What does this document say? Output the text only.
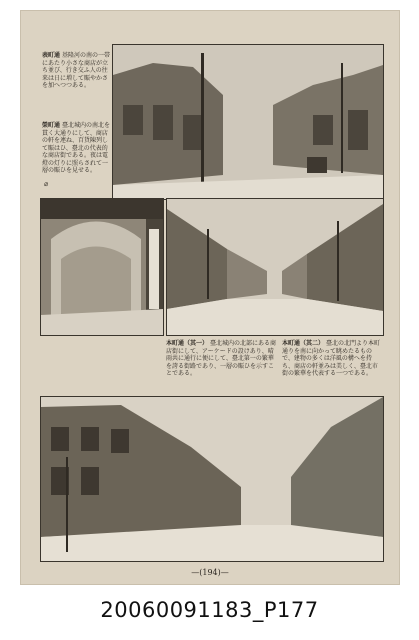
表町通 基隆河の南の一帯にあたり小さな商店が立ち並び、行き交ふ人の往来は日に増して賑やかさを加へつつある。
榮町通 臺北城内の南北を貫く大通りにして、商店の軒を連ね、百貨陳列して賑はひ、臺北の代表的な商店街である。夜は電燈の灯りに照らされて一層の賑ひを見せる。
⌀
本町通（其一） 臺北城内の北部にある商店街にして、アーケードの設けあり、晴雨共に通行に便にして、臺北第一の繁華を誇る街路であり、一層の賑ひを示すことである。
本町通（其二） 臺北の北門より本町通りを南に向かって眺めたるもので、建物の多くは洋風の構へを持ち、商店の軒並みは美しく、臺北市街の繁華を代表する一つである。
—(194)—
20060091183_P177
